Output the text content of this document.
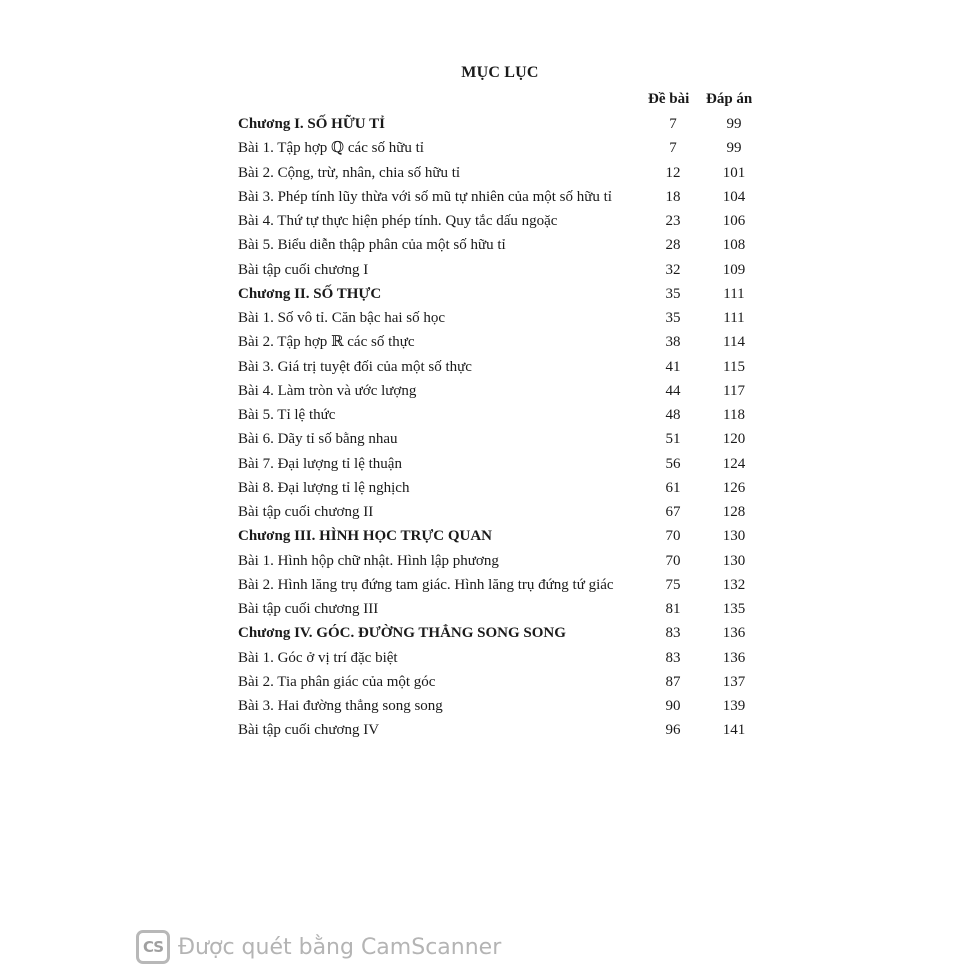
MỤC LỤC
Đề bài Đáp án
Chương I. SỐ HỮU TỈ	7	99
Bài 1. Tập hợp ℚ các số hữu tỉ	7	99
Bài 2. Cộng, trừ, nhân, chia số hữu tỉ	12	101
Bài 3. Phép tính lũy thừa với số mũ tự nhiên của một số hữu tỉ	18	104
Bài 4. Thứ tự thực hiện phép tính. Quy tắc dấu ngoặc	23	106
Bài 5. Biểu diễn thập phân của một số hữu tỉ	28	108
Bài tập cuối chương I	32	109
Chương II. SỐ THỰC	35	111
Bài 1. Số vô tỉ. Căn bậc hai số học	35	111
Bài 2. Tập hợp ℝ các số thực	38	114
Bài 3. Giá trị tuyệt đối của một số thực	41	115
Bài 4. Làm tròn và ước lượng	44	117
Bài 5. Tỉ lệ thức	48	118
Bài 6. Dãy tỉ số bằng nhau	51	120
Bài 7. Đại lượng tỉ lệ thuận	56	124
Bài 8. Đại lượng tỉ lệ nghịch	61	126
Bài tập cuối chương II	67	128
Chương III. HÌNH HỌC TRỰC QUAN	70	130
Bài 1. Hình hộp chữ nhật. Hình lập phương	70	130
Bài 2. Hình lăng trụ đứng tam giác. Hình lăng trụ đứng tứ giác	75	132
Bài tập cuối chương III	81	135
Chương IV. GÓC. ĐƯỜNG THẲNG SONG SONG	83	136
Bài 1. Góc ở vị trí đặc biệt	83	136
Bài 2. Tia phân giác của một góc	87	137
Bài 3. Hai đường thẳng song song	90	139
Bài tập cuối chương IV	96	141
CS Được quét bằng CamScanner
